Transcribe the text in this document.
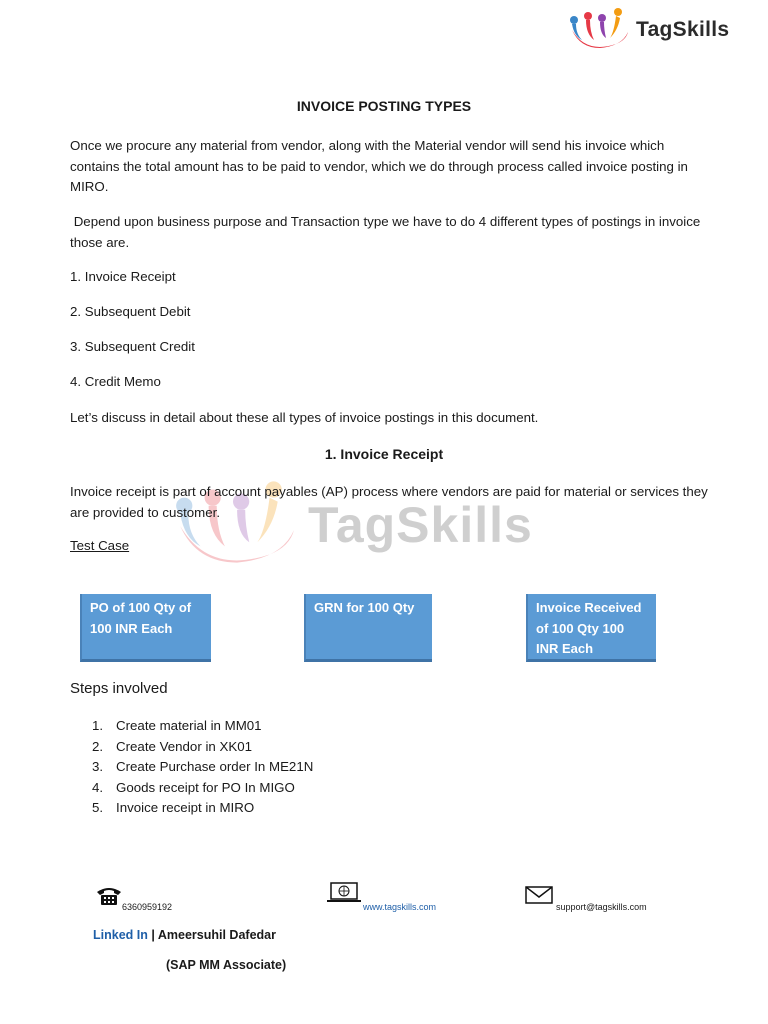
TagSkills
TagSkills
INVOICE POSTING TYPES
Once we procure any material from vendor, along with the Material vendor will send his invoice which contains the total amount has to be paid to vendor, which we do through process called invoice posting in MIRO.
Depend upon business purpose and Transaction type we have to do 4 different types of postings in invoice those are.
1. Invoice Receipt
2. Subsequent Debit
3. Subsequent Credit
4. Credit Memo
Let’s discuss in detail about these all types of invoice postings in this document.
1. Invoice Receipt
Invoice receipt is part of account payables (AP) process where vendors are paid for material or services they are provided to customer.
Test Case
PO of 100 Qty of 100 INR Each
GRN for 100 Qty	Invoice Received of 100 Qty 100 INR Each
Steps involved
1. Create material in MM01
2. Create Vendor in XK01
3. Create Purchase order In ME21N
4. Goods receipt for PO In MIGO
5. Invoice receipt in MIRO
6360959192	www.tagskills.com	support@tagskills.com
Linked In | Ameersuhil Dafedar
(SAP MM Associate)
